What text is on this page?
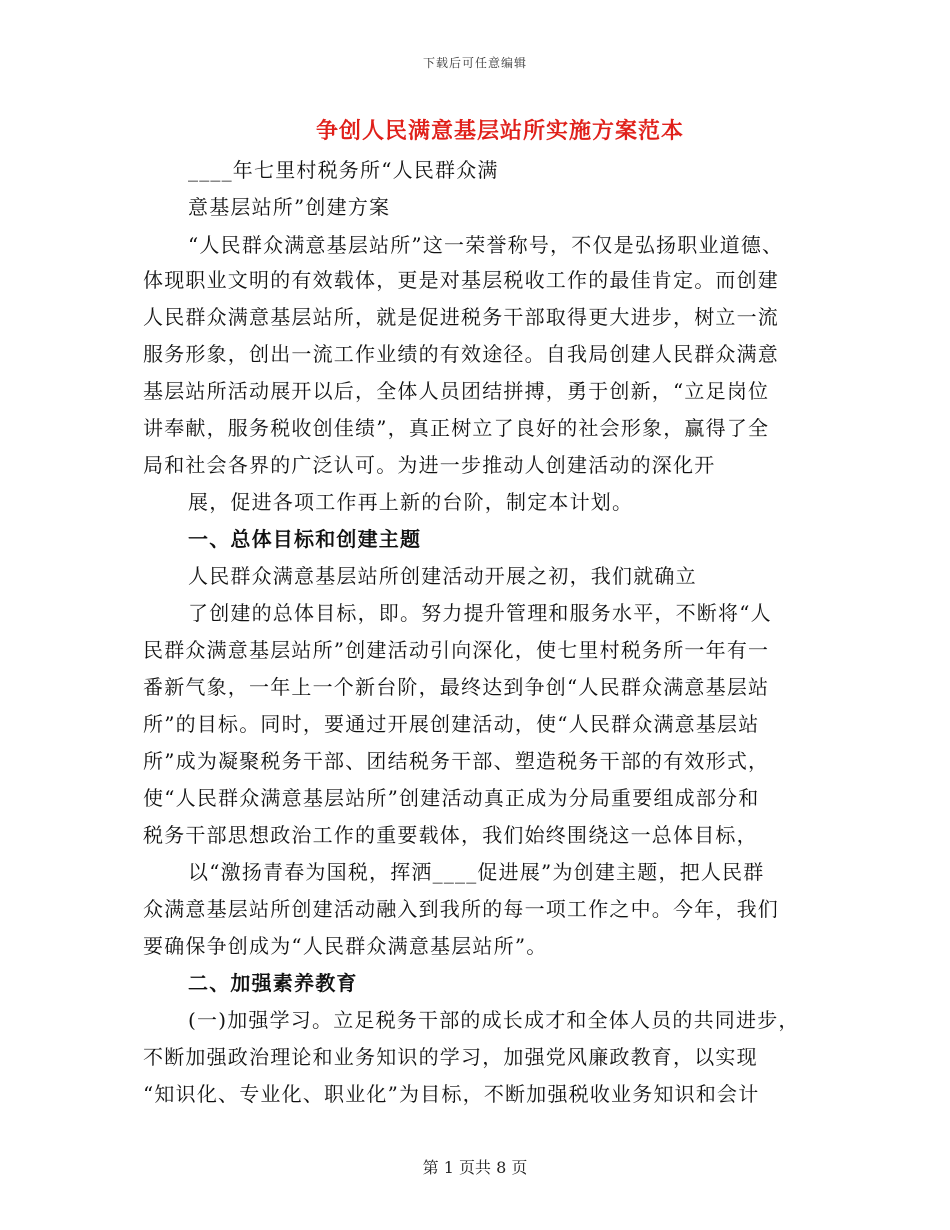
下载后可任意编辑
争创人民满意基层站所实施方案范本
____年七里村税务所“人民群众满
意基层站所”创建方案
“人民群众满意基层站所”这一荣誉称号，不仅是弘扬职业道德、
体现职业文明的有效载体，更是对基层税收工作的最佳肯定。而创建
人民群众满意基层站所，就是促进税务干部取得更大进步，树立一流
服务形象，创出一流工作业绩的有效途径。自我局创建人民群众满意
基层站所活动展开以后，全体人员团结拼搏，勇于创新，“立足岗位
讲奉献，服务税收创佳绩”，真正树立了良好的社会形象，赢得了全
局和社会各界的广泛认可。为进一步推动人创建活动的深化开
展，促进各项工作再上新的台阶，制定本计划。
一、总体目标和创建主题
人民群众满意基层站所创建活动开展之初，我们就确立
了创建的总体目标，即。努力提升管理和服务水平，不断将“人
民群众满意基层站所”创建活动引向深化，使七里村税务所一年有一
番新气象，一年上一个新台阶，最终达到争创“人民群众满意基层站
所”的目标。同时，要通过开展创建活动，使“人民群众满意基层站
所”成为凝聚税务干部、团结税务干部、塑造税务干部的有效形式，
使“人民群众满意基层站所”创建活动真正成为分局重要组成部分和
税务干部思想政治工作的重要载体，我们始终围绕这一总体目标，
以“激扬青春为国税，挥洒____促进展”为创建主题，把人民群
众满意基层站所创建活动融入到我所的每一项工作之中。今年，我们
要确保争创成为“人民群众满意基层站所”。
二、加强素养教育
(一)加强学习。立足税务干部的成长成才和全体人员的共同进步，
不断加强政治理论和业务知识的学习，加强党风廉政教育，以实现
“知识化、专业化、职业化”为目标，不断加强税收业务知识和会计
第 1 页共 8 页
